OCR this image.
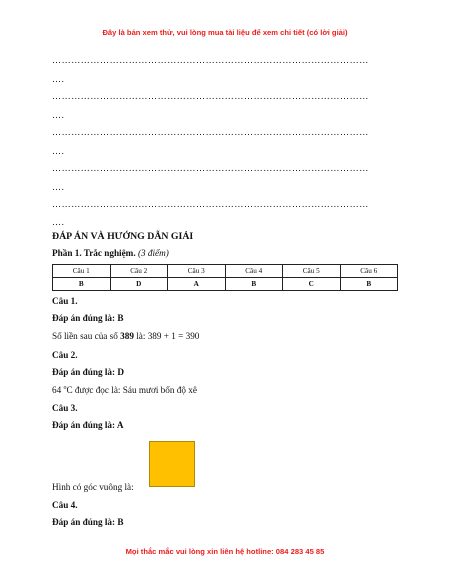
Đây là bản xem thử, vui lòng mua tài liệu để xem chi tiết (có lời giải)
………………………………………………………………………………………
….
………………………………………………………………………………………
….
………………………………………………………………………………………
….
………………………………………………………………………………………
….
………………………………………………………………………………………
….
ĐÁP ÁN VÀ HƯỚNG DẪN GIẢI
Phần 1. Trắc nghiệm. (3 điểm)
Câu 1	Câu 2	Câu 3	Câu 4	Câu 5	Câu 6
B	D	A	B	C	B
Câu 1.
Đáp án đúng là: B
Số liền sau của số 389 là: 389 + 1 = 390
Câu 2.
Đáp án đúng là: D
64 $^o$C được đọc là: Sáu mươi bốn độ xê
Câu 3.
Đáp án đúng là: A
Hình có góc vuông là:
Câu 4.
Đáp án đúng là: B
Mọi thắc mắc vui lòng xin liên hệ hotline: 084 283 45 85
